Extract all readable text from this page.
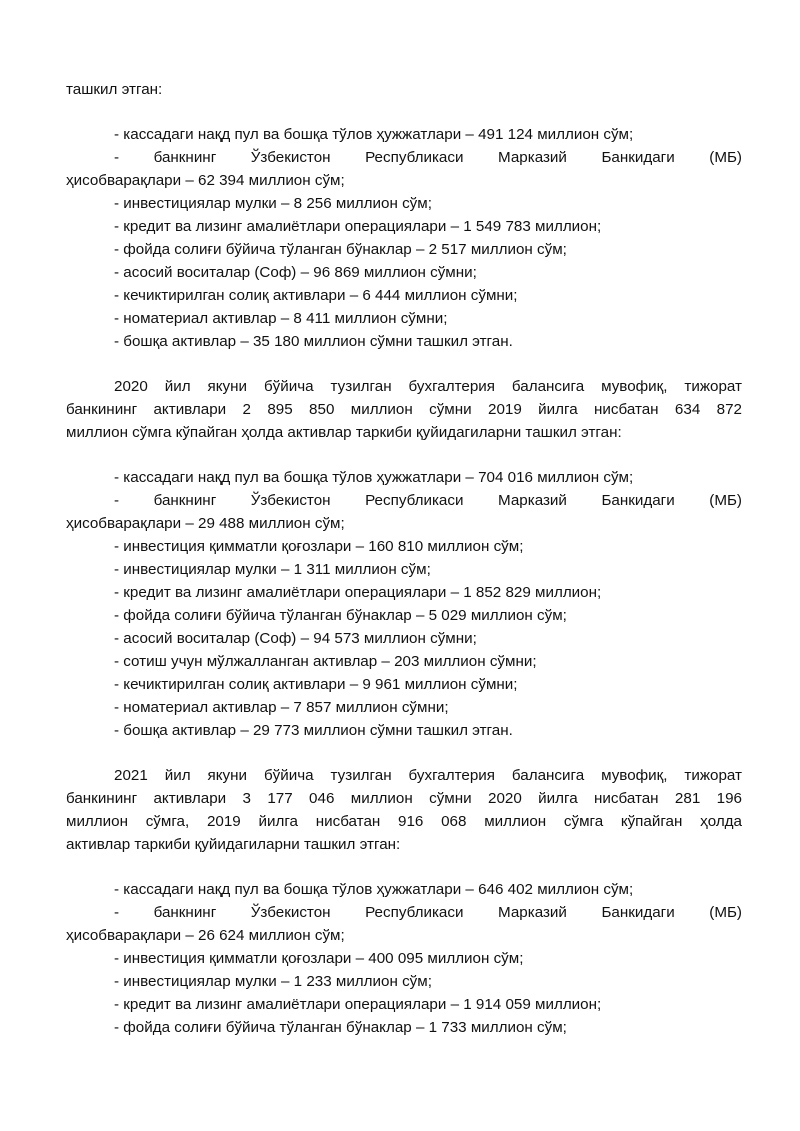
ташкил этган:
- кассадаги нақд пул ва бошқа тўлов ҳужжатлари – 491 124 миллион сўм;
- банкнинг Ўзбекистон Республикаси Марказий Банкидаги (МБ)
ҳисобварақлари – 62 394 миллион сўм;
- инвестициялар мулки – 8 256 миллион сўм;
- кредит ва лизинг амалиётлари операциялари – 1 549 783 миллион;
- фойда солиғи бўйича тўланган бўнаклар – 2 517 миллион сўм;
- асосий воситалар (Соф) – 96 869 миллион сўмни;
- кечиктирилган солиқ активлари – 6 444 миллион сўмни;
- номатериал активлар – 8 411 миллион сўмни;
- бошқа активлар – 35 180 миллион сўмни ташкил этган.
2020 йил якуни бўйича тузилган бухгалтерия балансига мувофиқ, тижорат
банкининг активлари 2 895 850 миллион сўмни 2019 йилга нисбатан 634 872
миллион сўмга кўпайган ҳолда активлар таркиби қуйидагиларни ташкил этган:
- кассадаги нақд пул ва бошқа тўлов ҳужжатлари – 704 016 миллион сўм;
- банкнинг Ўзбекистон Республикаси Марказий Банкидаги (МБ)
ҳисобварақлари – 29 488 миллион сўм;
- инвестиция қимматли қоғозлари – 160 810 миллион сўм;
- инвестициялар мулки – 1 311 миллион сўм;
- кредит ва лизинг амалиётлари операциялари – 1 852 829 миллион;
- фойда солиғи бўйича тўланган бўнаклар – 5 029 миллион сўм;
- асосий воситалар (Соф) – 94 573 миллион сўмни;
- сотиш учун мўлжалланган активлар – 203 миллион сўмни;
- кечиктирилган солиқ активлари – 9 961 миллион сўмни;
- номатериал активлар – 7 857 миллион сўмни;
- бошқа активлар – 29 773 миллион сўмни ташкил этган.
2021 йил якуни бўйича тузилган бухгалтерия балансига мувофиқ, тижорат
банкининг активлари 3 177 046 миллион сўмни 2020 йилга нисбатан 281 196
миллион сўмга, 2019 йилга нисбатан 916 068 миллион сўмга кўпайган ҳолда
активлар таркиби қуйидагиларни ташкил этган:
- кассадаги нақд пул ва бошқа тўлов ҳужжатлари – 646 402 миллион сўм;
- банкнинг Ўзбекистон Республикаси Марказий Банкидаги (МБ)
ҳисобварақлари – 26 624 миллион сўм;
- инвестиция қимматли қоғозлари – 400 095 миллион сўм;
- инвестициялар мулки – 1 233 миллион сўм;
- кредит ва лизинг амалиётлари операциялари – 1 914 059 миллион;
- фойда солиғи бўйича тўланган бўнаклар – 1 733 миллион сўм;
